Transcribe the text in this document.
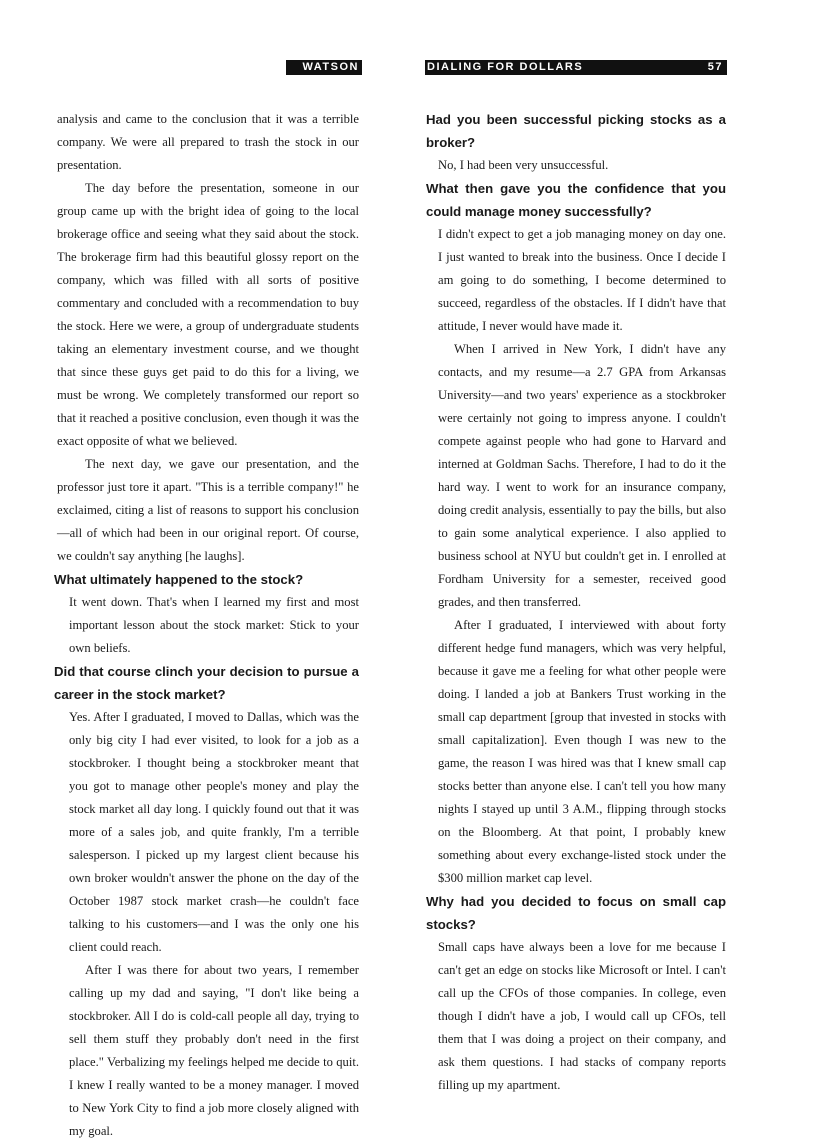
WATSON	DIALING FOR DOLLARS	57

analysis and came to the conclusion that it was a terrible company. We were all prepared to trash the stock in our presentation.

The day before the presentation, someone in our group came up with the bright idea of going to the local brokerage office and seeing what they said about the stock. The brokerage firm had this beautiful glossy report on the company, which was filled with all sorts of positive commentary and concluded with a recommendation to buy the stock. Here we were, a group of undergraduate students taking an elementary investment course, and we thought that since these guys get paid to do this for a living, we must be wrong. We completely transformed our report so that it reached a positive conclusion, even though it was the exact opposite of what we believed.

The next day, we gave our presentation, and the professor just tore it apart. "This is a terrible company!" he exclaimed, citing a list of reasons to support his conclusion—all of which had been in our original report. Of course, we couldn't say anything [he laughs].

What ultimately happened to the stock?

It went down. That's when I learned my first and most important lesson about the stock market: Stick to your own beliefs.

Did that course clinch your decision to pursue a career in the stock market?

Yes. After I graduated, I moved to Dallas, which was the only big city I had ever visited, to look for a job as a stockbroker. I thought being a stockbroker meant that you got to manage other people's money and play the stock market all day long. I quickly found out that it was more of a sales job, and quite frankly, I'm a terrible salesperson. I picked up my largest client because his own broker wouldn't answer the phone on the day of the October 1987 stock market crash—he couldn't face talking to his customers—and I was the only one his client could reach.

After I was there for about two years, I remember calling up my dad and saying, "I don't like being a stockbroker. All I do is cold-call people all day, trying to sell them stuff they probably don't need in the first place." Verbalizing my feelings helped me decide to quit. I knew I really wanted to be a money manager. I moved to New York City to find a job more closely aligned with my goal.

Had you been successful picking stocks as a broker?

No, I had been very unsuccessful.

What then gave you the confidence that you could manage money successfully?

I didn't expect to get a job managing money on day one. I just wanted to break into the business. Once I decide I am going to do something, I become determined to succeed, regardless of the obstacles. If I didn't have that attitude, I never would have made it.

When I arrived in New York, I didn't have any contacts, and my resume—a 2.7 GPA from Arkansas University—and two years' experience as a stockbroker were certainly not going to impress anyone. I couldn't compete against people who had gone to Harvard and interned at Goldman Sachs. Therefore, I had to do it the hard way. I went to work for an insurance company, doing credit analysis, essentially to pay the bills, but also to gain some analytical experience. I also applied to business school at NYU but couldn't get in. I enrolled at Fordham University for a semester, received good grades, and then transferred.

After I graduated, I interviewed with about forty different hedge fund managers, which was very helpful, because it gave me a feeling for what other people were doing. I landed a job at Bankers Trust working in the small cap department [group that invested in stocks with small capitalization]. Even though I was new to the game, the reason I was hired was that I knew small cap stocks better than anyone else. I can't tell you how many nights I stayed up until 3 A.M., flipping through stocks on the Bloomberg. At that point, I probably knew something about every exchange-listed stock under the $300 million market cap level.

Why had you decided to focus on small cap stocks?

Small caps have always been a love for me because I can't get an edge on stocks like Microsoft or Intel. I can't call up the CFOs of those companies. In college, even though I didn't have a job, I would call up CFOs, tell them that I was doing a project on their company, and ask them questions. I had stacks of company reports filling up my apartment.
